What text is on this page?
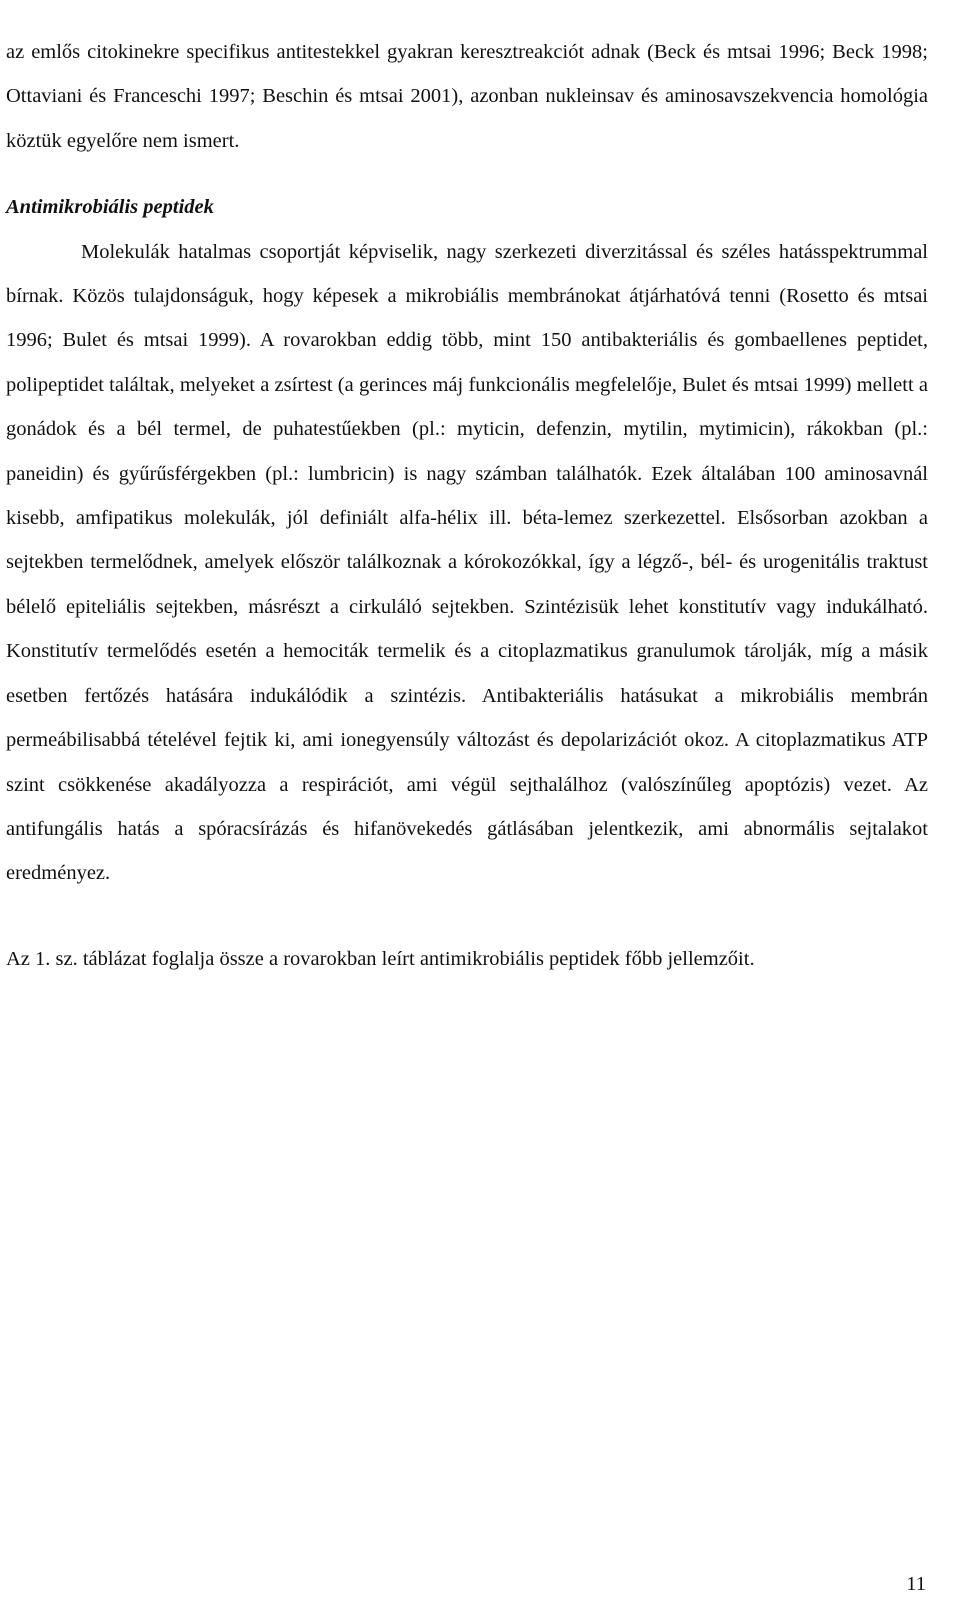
az emlős citokinekre specifikus antitestekkel gyakran keresztreakciót adnak (Beck és mtsai 1996; Beck 1998; Ottaviani és Franceschi 1997; Beschin és mtsai 2001), azonban nukleinsav és aminosavszekvencia homológia köztük egyelőre nem ismert.

Antimikrobiális peptidek

Molekulák hatalmas csoportját képviselik, nagy szerkezeti diverzitással és széles hatásspektrummal bírnak. Közös tulajdonságuk, hogy képesek a mikrobiális membránokat átjárhatóvá tenni (Rosetto és mtsai 1996; Bulet és mtsai 1999). A rovarokban eddig több, mint 150 antibakteriális és gombaellenes peptidet, polipeptidet találtak, melyeket a zsírtest (a gerinces máj funkcionális megfelelője, Bulet és mtsai 1999) mellett a gonádok és a bél termel, de puhatestűekben (pl.: myticin, defenzin, mytilin, mytimicin), rákokban (pl.: paneidin) és gyűrűsférgekben (pl.: lumbricin) is nagy számban találhatók. Ezek általában 100 aminosavnál kisebb, amfipatikus molekulák, jól definiált alfa-hélix ill. béta-lemez szerkezettel. Elsősorban azokban a sejtekben termelődnek, amelyek először találkoznak a kórokozókkal, így a légző-, bél- és urogenitális traktust bélelő epiteliális sejtekben, másrészt a cirkuláló sejtekben. Szintézisük lehet konstitutív vagy indukálható. Konstitutív termelődés esetén a hemociták termelik és a citoplazmatikus granulumok tárolják, míg a másik esetben fertőzés hatására indukálódik a szintézis. Antibakteriális hatásukat a mikrobiális membrán permeábilisabbá tételével fejtik ki, ami ionegyensúly változást és depolarizációt okoz. A citoplazmatikus ATP szint csökkenése akadályozza a respirációt, ami végül sejthalálhoz (valószínűleg apoptózis) vezet. Az antifungális hatás a spóracsírázás és hifanövekedés gátlásában jelentkezik, ami abnormális sejtalakot eredményez.

Az 1. sz. táblázat foglalja össze a rovarokban leírt antimikrobiális peptidek főbb jellemzőit.

11
